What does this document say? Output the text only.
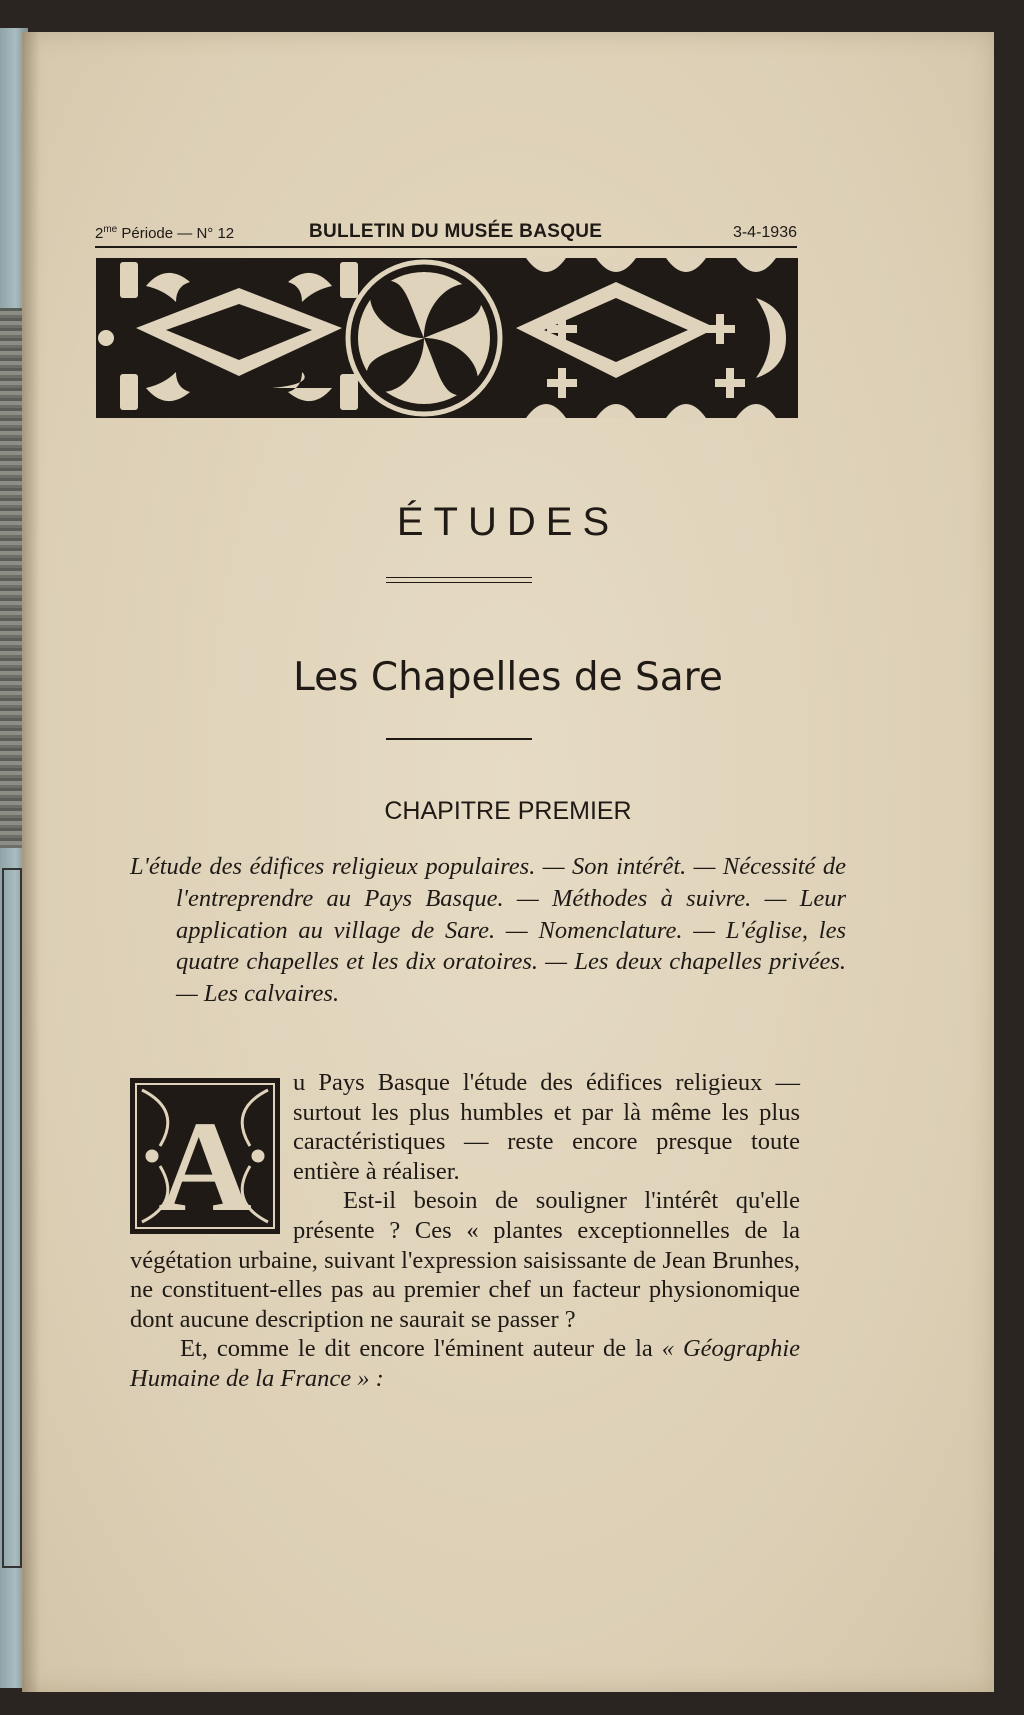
$2^{me}$ Période — N° 12	BULLETIN DU MUSÉE BASQUE	3-4-1936
ÉTUDES
Les Chapelles de Sare
CHAPITRE PREMIER
L'étude des édifices religieux populaires. — Son intérêt. — Nécessité de l'entreprendre au Pays Basque. — Méthodes à suivre. — Leur application au village de Sare. — Nomenclature. — L'église, les quatre chapelles et les dix oratoires. — Les deux chapelles privées. — Les calvaires.

u Pays Basque l'étude des édifices religieux — surtout les plus humbles et par là même les plus caractéristiques — reste encore presque toute entière à réaliser.

Est-il besoin de souligner l'intérêt qu'elle présente ? Ces « plantes exceptionnelles de la végétation urbaine, suivant l'expression saisissante de Jean Brunhes, ne constituent-elles pas au premier chef un facteur physionomique dont aucune description ne saurait se passer ?

Et, comme le dit encore l'éminent auteur de la « Géographie Humaine de la France » :

A
